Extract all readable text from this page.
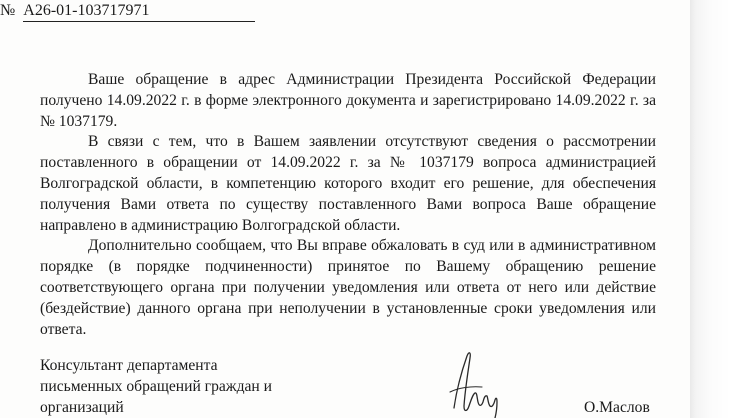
№ А26-01-103717971

Ваше обращение в адрес Администрации Президента Российской Федерации получено 14.09.2022 г. в форме электронного документа и зарегистрировано 14.09.2022 г. за № 1037179.

В связи с тем, что в Вашем заявлении отсутствуют сведения о рассмотрении поставленного в обращении от 14.09.2022 г. за № 1037179 вопроса администрацией Волгоградской области, в компетенцию которого входит его решение, для обеспечения получения Вами ответа по существу поставленного Вами вопроса Ваше обращение направлено в администрацию Волгоградской области.

Дополнительно сообщаем, что Вы вправе обжаловать в суд или в административном порядке (в порядке подчиненности) принятое по Вашему обращению решение соответствующего органа при получении уведомления или ответа от него или действие (бездействие) данного органа при неполучении в установленные сроки уведомления или ответа.

Консультант департамента
письменных обращений граждан и
организаций	О.Маслов
